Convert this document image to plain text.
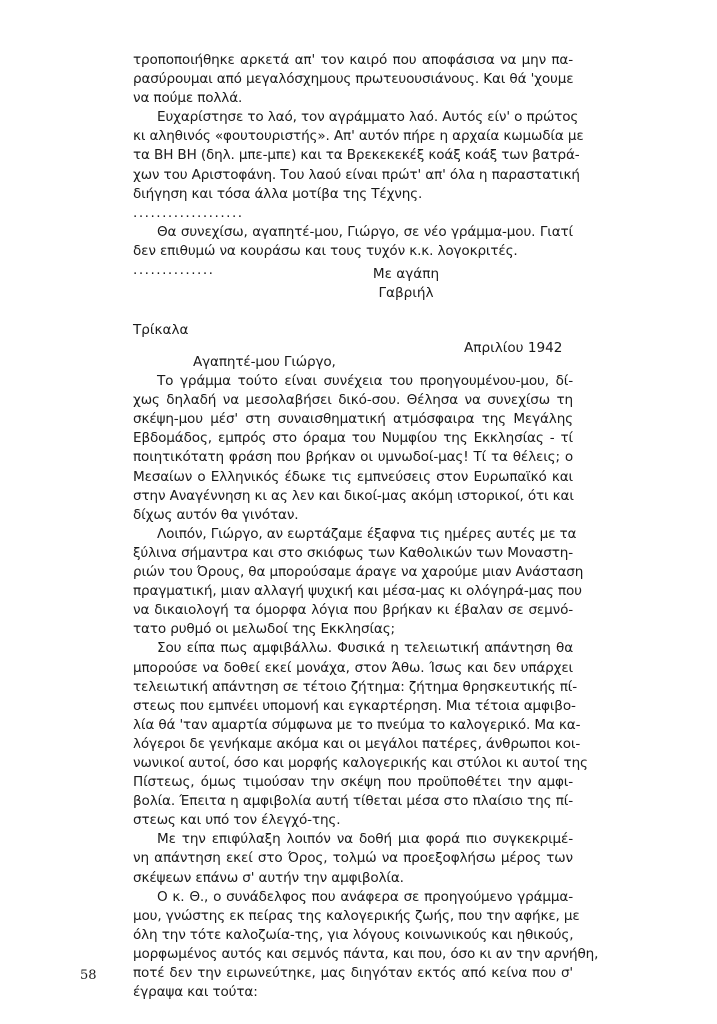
τροποποιήθηκε αρκετά απ' τον καιρό που αποφάσισα να μην πα-
ρασύρουμαι από μεγαλόσχημους πρωτευουσιάνους. Και θά 'χουμε
να πούμε πολλά.
Ευχαρίστησε το λαό, τον αγράμματο λαό. Αυτός είν' ο πρώτος
κι αληθινός «φουτουριστής». Απ' αυτόν πήρε η αρχαία κωμωδία με
τα ΒΗ ΒΗ (δηλ. μπε-μπε) και τα Βρεκεκεκέξ κοάξ κοάξ των βατρά-
χων του Αριστοφάνη. Του λαού είναι πρώτ' απ' όλα η παραστατική
διήγηση και τόσα άλλα μοτίβα της Τέχνης.
...................
Θα συνεχίσω, αγαπητέ-μου, Γιώργο, σε νέο γράμμα-μου. Γιατί
δεν επιθυμώ να κουράσω και τους τυχόν κ.κ. λογοκριτές.
..............	Με αγάπη
Γαβριήλ
Τρίκαλα
Απριλίου 1942
Αγαπητέ-μου Γιώργο,
Το γράμμα τούτο είναι συνέχεια του προηγουμένου-μου, δί-
χως δηλαδή να μεσολαβήσει δικό-σου. Θέλησα να συνεχίσω τη
σκέψη-μου μέσ' στη συναισθηματική ατμόσφαιρα της Μεγάλης
Εβδομάδος, εμπρός στο όραμα του Νυμφίου της Εκκλησίας - τί
ποιητικότατη φράση που βρήκαν οι υμνωδοί-μας! Τί τα θέλεις; ο
Μεσαίων ο Ελληνικός έδωκε τις εμπνεύσεις στον Ευρωπαϊκό και
στην Αναγέννηση κι ας λεν και δικοί-μας ακόμη ιστορικοί, ότι και
δίχως αυτόν θα γινόταν.
Λοιπόν, Γιώργο, αν εωρτάζαμε έξαφνα τις ημέρες αυτές με τα
ξύλινα σήμαντρα και στο σκιόφως των Καθολικών των Μοναστη-
ριών του Όρους, θα μπορούσαμε άραγε να χαρούμε μιαν Ανάσταση
πραγματική, μιαν αλλαγή ψυχική και μέσα-μας κι ολόγηρά-μας που
να δικαιολογή τα όμορφα λόγια που βρήκαν κι έβαλαν σε σεμνό-
τατο ρυθμό οι μελωδοί της Εκκλησίας;
Σου είπα πως αμφιβάλλω. Φυσικά η τελειωτική απάντηση θα
μπορούσε να δοθεί εκεί μονάχα, στον Άθω. Ίσως και δεν υπάρχει
τελειωτική απάντηση σε τέτοιο ζήτημα: ζήτημα θρησκευτικής πί-
στεως που εμπνέει υπομονή και εγκαρτέρηση. Μια τέτοια αμφιβο-
λία θά 'ταν αμαρτία σύμφωνα με το πνεύμα το καλογερικό. Μα κα-
λόγεροι δε γενήκαμε ακόμα και οι μεγάλοι πατέρες, άνθρωποι κοι-
νωνικοί αυτοί, όσο και μορφής καλογερικής και στύλοι κι αυτοί της
Πίστεως, όμως τιμούσαν την σκέψη που προϋποθέτει την αμφι-
βολία. Έπειτα η αμφιβολία αυτή τίθεται μέσα στο πλαίσιο της πί-
στεως και υπό τον έλεγχό-της.
Με την επιφύλαξη λοιπόν να δοθή μια φορά πιο συγκεκριμέ-
νη απάντηση εκεί στο Όρος, τολμώ να προεξοφλήσω μέρος των
σκέψεων επάνω σ' αυτήν την αμφιβολία.
Ο κ. Θ., ο συνάδελφος που ανάφερα σε προηγούμενο γράμμα-
μου, γνώστης εκ πείρας της καλογερικής ζωής, που την αφήκε, με
όλη την τότε καλοζωία-της, για λόγους κοινωνικούς και ηθικούς,
μορφωμένος αυτός και σεμνός πάντα, και που, όσο κι αν την αρνήθη,
ποτέ δεν την ειρωνεύτηκε, μας διηγόταν εκτός από κείνα που σ'
έγραψα και τούτα:
58
